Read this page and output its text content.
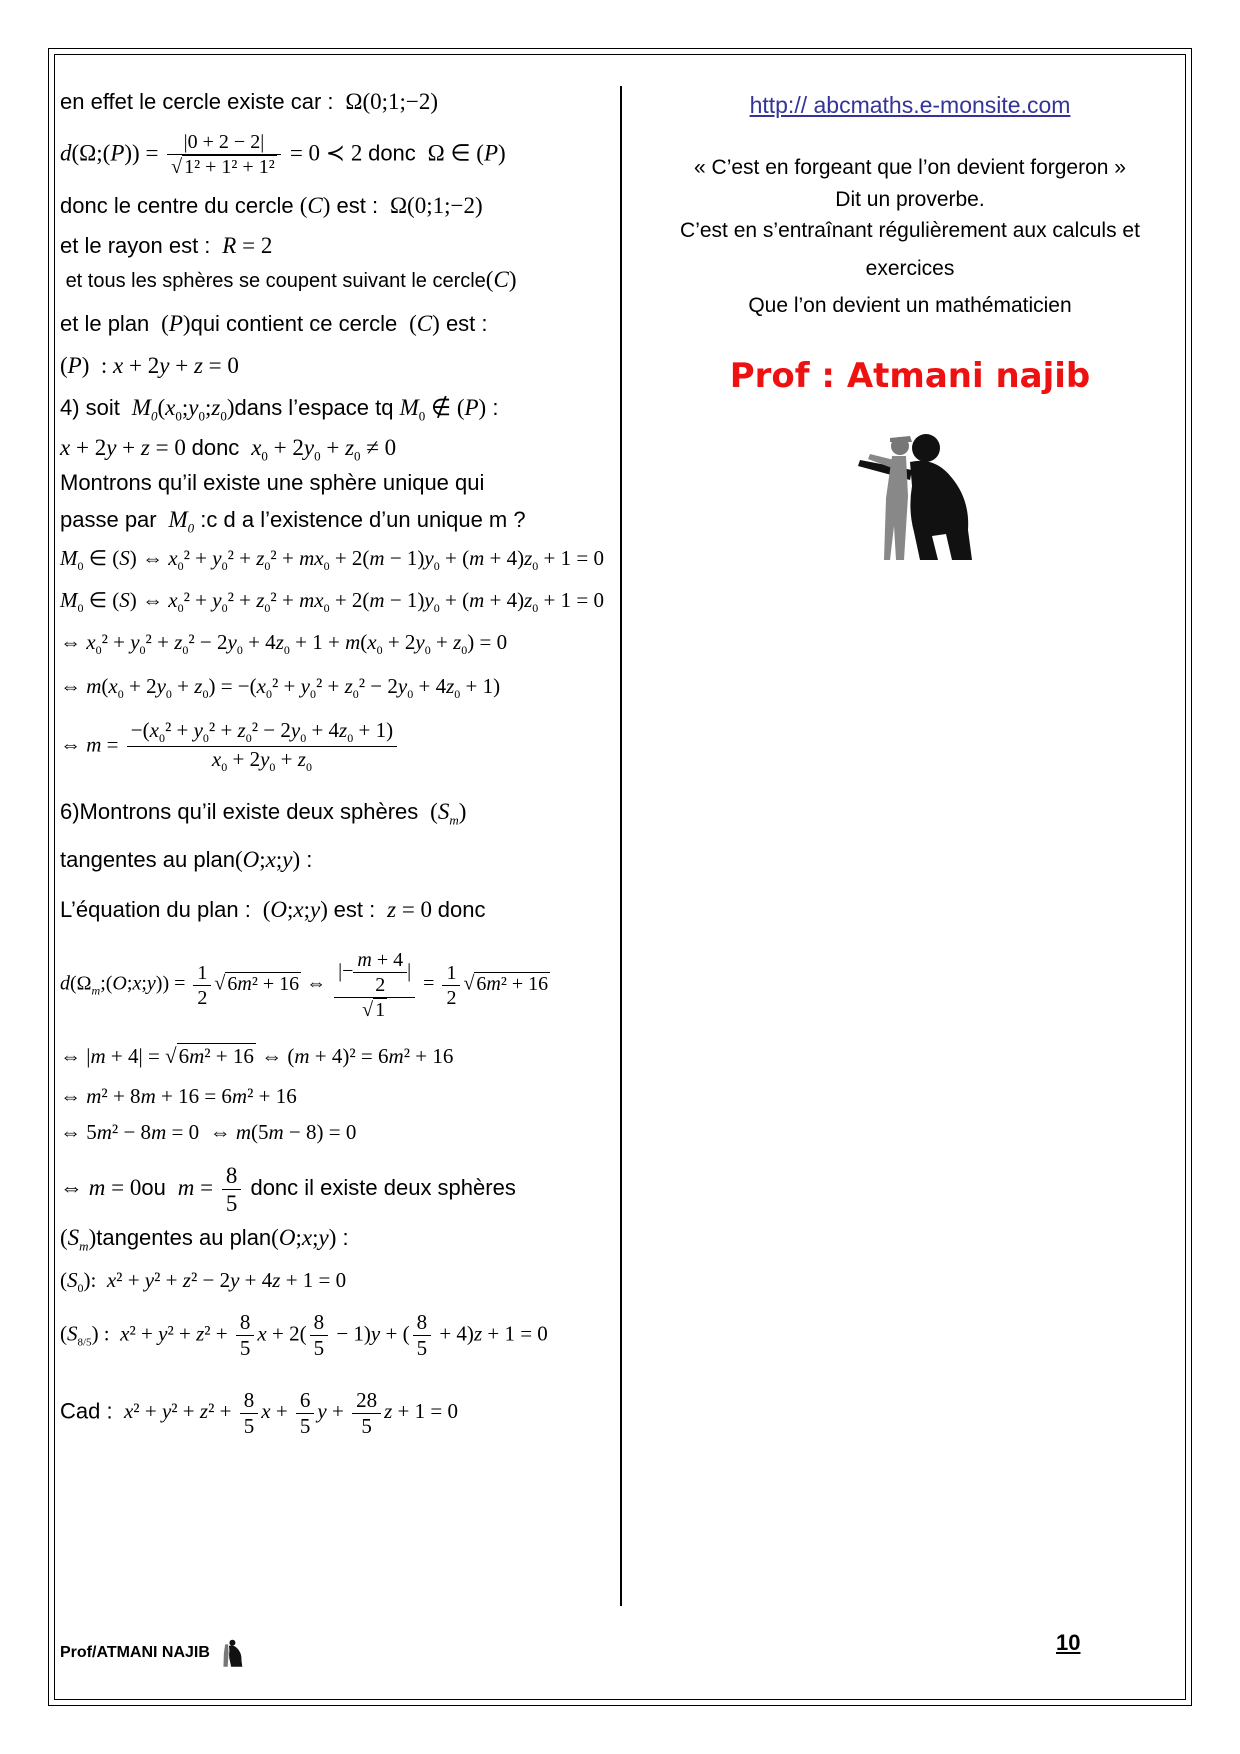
en effet le cercle existe car :  Ω(0;1;−2)
d(Ω;(P)) = $\frac{|0 + 2 - 2|}{\text{√ 1² + 1² + 1²}} = 0$ ≺ 2 donc  Ω ∈ (P)
donc le centre du cercle (C) est :  Ω(0;1;−2)
et le rayon est :  R = 2
et tous les sphères se coupent suivant le cercle(C)
et le plan  (P)qui contient ce cercle  (C) est :
(P)  : x + 2y + z = 0
4) soit  $M_0(x_0;y_0;z_0)dans$ l’espace tq $M_0$ ∉ (P) :
x + 2y + z = 0 donc $x_0 + 2y_0 + z_0 \ne 0$
Montrons qu’il existe une sphère unique qui
passe par  $M_0$ :c d a l’existence d’un unique m ?
$M_0$ ∈ (S) ⇔ $x_0^2 + y_0^2 + z_0^2 + mx_0 + 2(m - 1)y_0 + (m + 4)z_0 + 1 = 0$
$M_0$ ∈ (S) ⇔ $x_0^2 + y_0^2 + z_0^2 + mx_0 + 2(m - 1)y_0 + (m + 4)z_0 + 1 = 0$
⇔ $x_0^2 + y_0^2 + z_0^2 - 2y_0 + 4z_0 + 1 + m(x_0 + 2y_0 + z_0) = 0$
⇔ $m(x_0 + 2y_0 + z_0) = -(x_0^2 + y_0^2 + z_0^2 - 2y_0 + 4z_0 + 1)$
⇔ $m = \frac{-(x_0^2 + y_0^2 + z_0^2 - 2y_0 + 4z_0 + 1)}{x_0 + 2y_0 + z_0}$
6)Montrons qu’il existe deux sphères  $(S_m)$
tangentes au plan(O;x;y) :
L’équation du plan :  (O;x;y) est : z = 0 donc
$d(\Omega_m;(O;x;y)) = \frac{1}{2}$ √ 6m² + 16 ⇔ $\frac{|- \frac{m + 4}{2} |}{√ 1} = \frac{1}{2}$ √ 6m² + 16
⇔ |m + 4| = √6m² + 16 ⇔ (m + 4)² = 6m² + 16
⇔ m² + 8m + 16 = 6m² + 16
⇔ 5m² − 8m = 0  ⇔ m(5m − 8) = 0
⇔ m = 0ou $m = \frac{8}{5}$ donc il existe deux sphères
$(S_m)tangentes$ au plan(O;x;y) :
$(S_0)$:  x² + y² + z² − 2y + 4z + 1 = 0
$(S_{8/5})$ :  $x^2 + y^2 + z^2 + \frac{8}{5}$ $x + 2( \frac{8}{5} - 1)y$ + ( $\frac{8}{5} + 4)z + 1 = 0$
Cad : $x^2 + y^2 + z^2 + \frac{8}{5}$ $x + \frac{6}{5}$ $y + \frac{28}{5}$ z + 1 = 0
http:// abcmaths.e-monsite.com
« C’est en forgeant que l’on devient forgeron »
Dit un proverbe.
C’est en s’entraînant régulièrement aux calculs et
exercices
Que l’on devient un mathématicien
Prof : Atmani najib
Prof/ATMANI NAJIB	10
